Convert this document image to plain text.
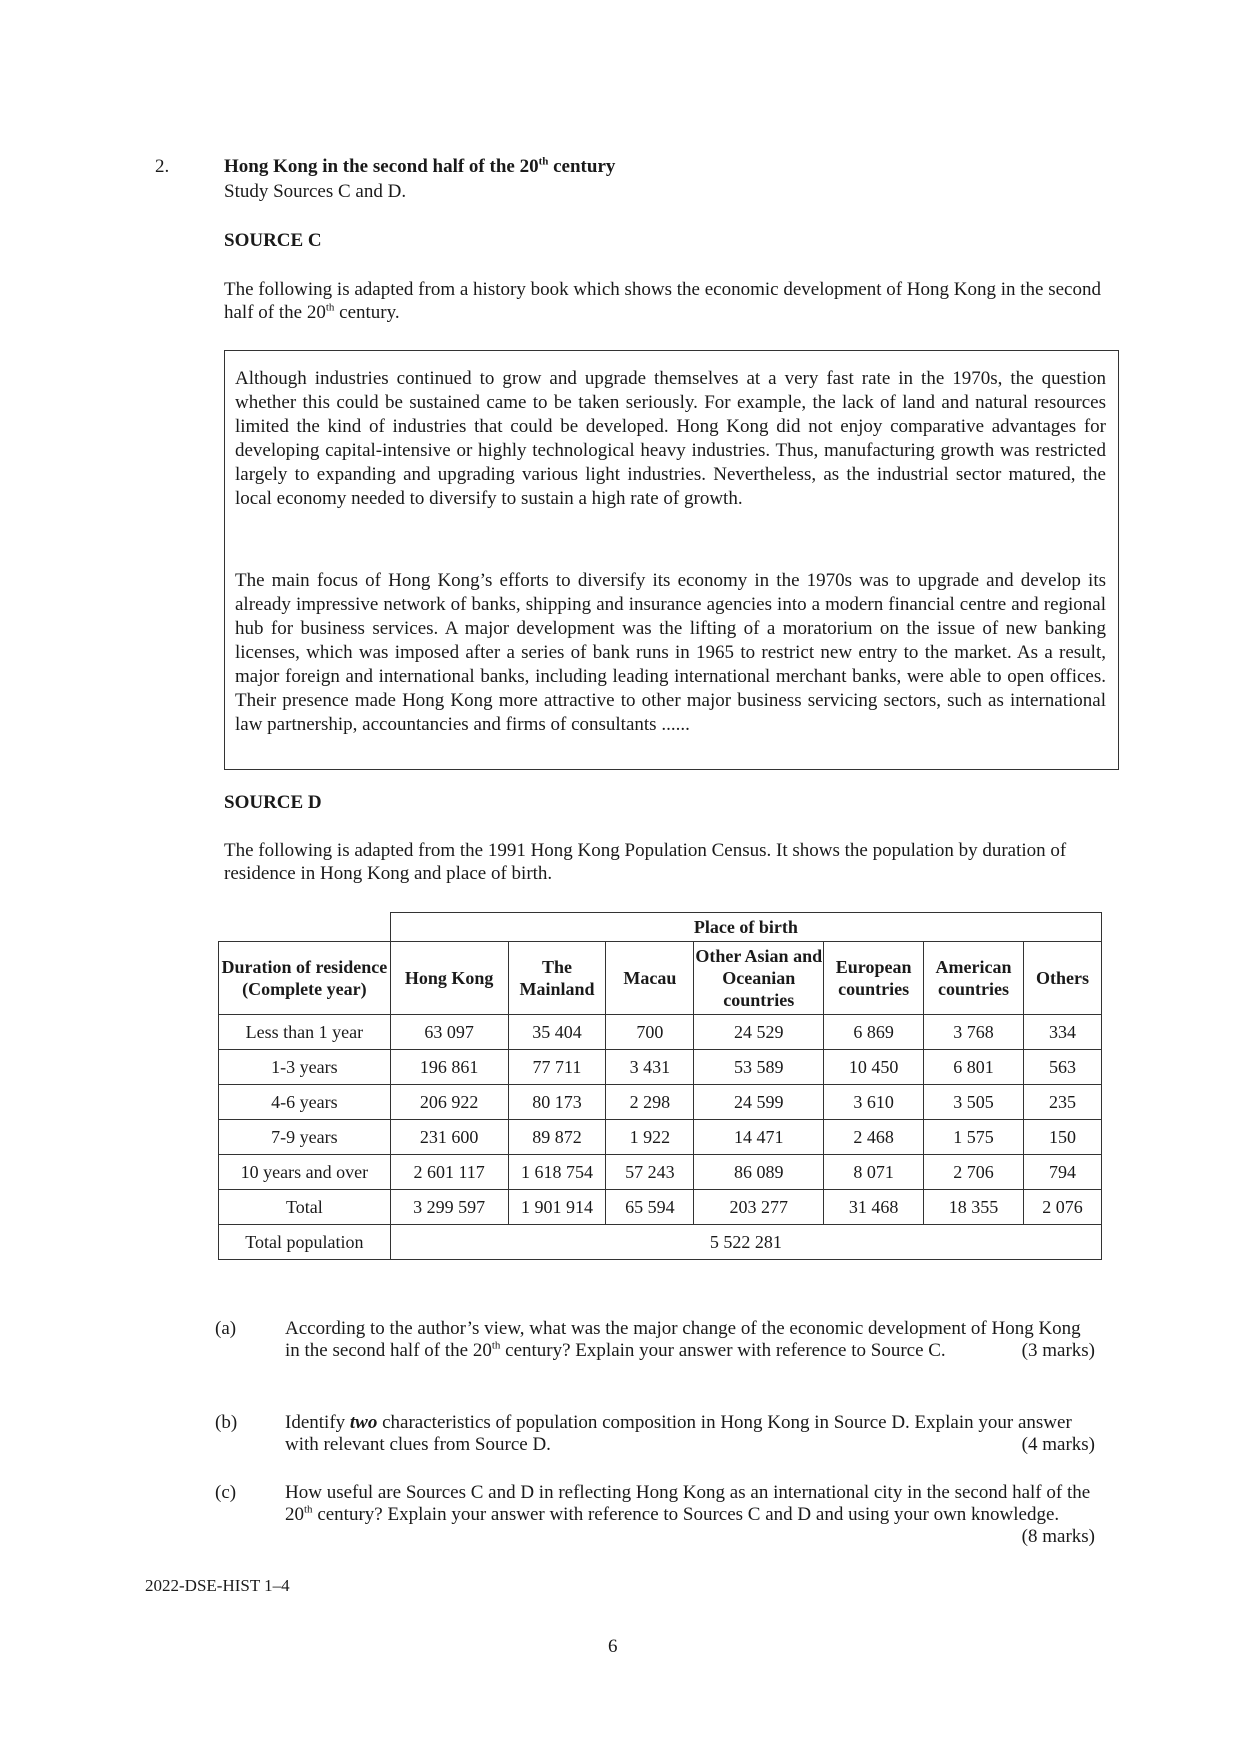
2.	Hong Kong in the second half of the 20th century
Study Sources C and D.
SOURCE C
The following is adapted from a history book which shows the economic development of Hong Kong in the second half of the 20th century.
Although industries continued to grow and upgrade themselves at a very fast rate in the 1970s, the question whether this could be sustained came to be taken seriously. For example, the lack of land and natural resources limited the kind of industries that could be developed. Hong Kong did not enjoy comparative advantages for developing capital-intensive or highly technological heavy industries. Thus, manufacturing growth was restricted largely to expanding and upgrading various light industries. Nevertheless, as the industrial sector matured, the local economy needed to diversify to sustain a high rate of growth.
The main focus of Hong Kong’s efforts to diversify its economy in the 1970s was to upgrade and develop its already impressive network of banks, shipping and insurance agencies into a modern financial centre and regional hub for business services. A major development was the lifting of a moratorium on the issue of new banking licenses, which was imposed after a series of bank runs in 1965 to restrict new entry to the market. As a result, major foreign and international banks, including leading international merchant banks, were able to open offices. Their presence made Hong Kong more attractive to other major business servicing sectors, such as international law partnership, accountancies and firms of consultants ......
SOURCE D
The following is adapted from the 1991 Hong Kong Population Census. It shows the population by duration of residence in Hong Kong and place of birth.
	Place of birth						
Duration of residence (Complete year)	Hong Kong	The Mainland	Macau	Other Asian and Oceanian countries	European countries	American countries	Others
Less than 1 year	63 097	35 404	700	24 529	6 869	3 768	334
1-3 years	196 861	77 711	3 431	53 589	10 450	6 801	563
4-6 years	206 922	80 173	2 298	24 599	3 610	3 505	235
7-9 years	231 600	89 872	1 922	14 471	2 468	1 575	150
10 years and over	2 601 117	1 618 754	57 243	86 089	8 071	2 706	794
Total	3 299 597	1 901 914	65 594	203 277	31 468	18 355	2 076
Total population	5 522 281						
(a)	According to the author’s view, what was the major change of the economic development of Hong Kong in the second half of the 20th century? Explain your answer with reference to Source C.	(3 marks)
(b)	Identify two characteristics of population composition in Hong Kong in Source D. Explain your answer with relevant clues from Source D.	(4 marks)
(c)	How useful are Sources C and D in reflecting Hong Kong as an international city in the second half of the 20th century? Explain your answer with reference to Sources C and D and using your own knowledge.
(8 marks)
2022-DSE-HIST 1–4
6
